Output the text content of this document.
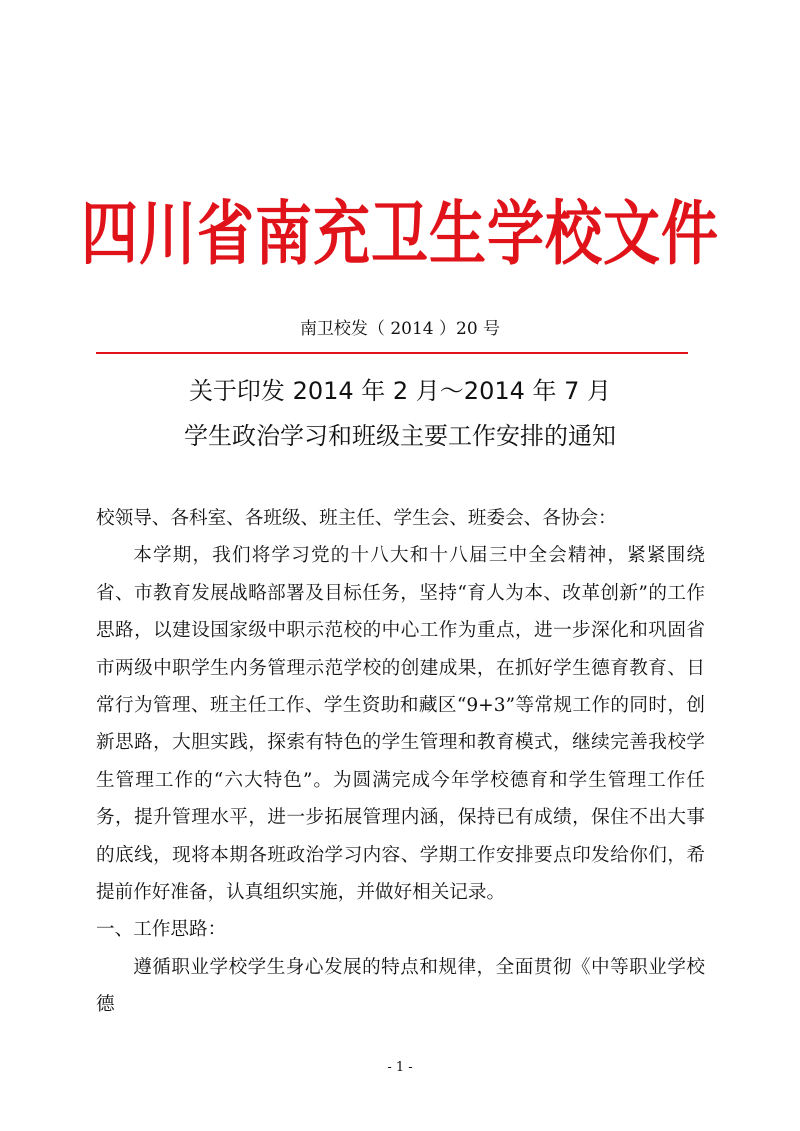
四川省南充卫生学校文件
南卫校发（ 2014 ）20 号
关于印发 2014 年 2 月～2014 年 7 月
学生政治学习和班级主要工作安排的通知

校领导、各科室、各班级、班主任、学生会、班委会、各协会：

本学期，我们将学习党的十八大和十八届三中全会精神，紧紧围绕省、市教育发展战略部署及目标任务，坚持“育人为本、改革创新”的工作思路，以建设国家级中职示范校的中心工作为重点，进一步深化和巩固省市两级中职学生内务管理示范学校的创建成果，在抓好学生德育教育、日常行为管理、班主任工作、学生资助和藏区“9+3”等常规工作的同时，创新思路，大胆实践，探索有特色的学生管理和教育模式，继续完善我校学生管理工作的“六大特色”。为圆满完成今年学校德育和学生管理工作任务，提升管理水平，进一步拓展管理内涵，保持已有成绩，保住不出大事的底线，现将本期各班政治学习内容、学期工作安排要点印发给你们，希提前作好准备，认真组织实施，并做好相关记录。

一、工作思路：

遵循职业学校学生身心发展的特点和规律，全面贯彻《中等职业学校德

- 1 -
